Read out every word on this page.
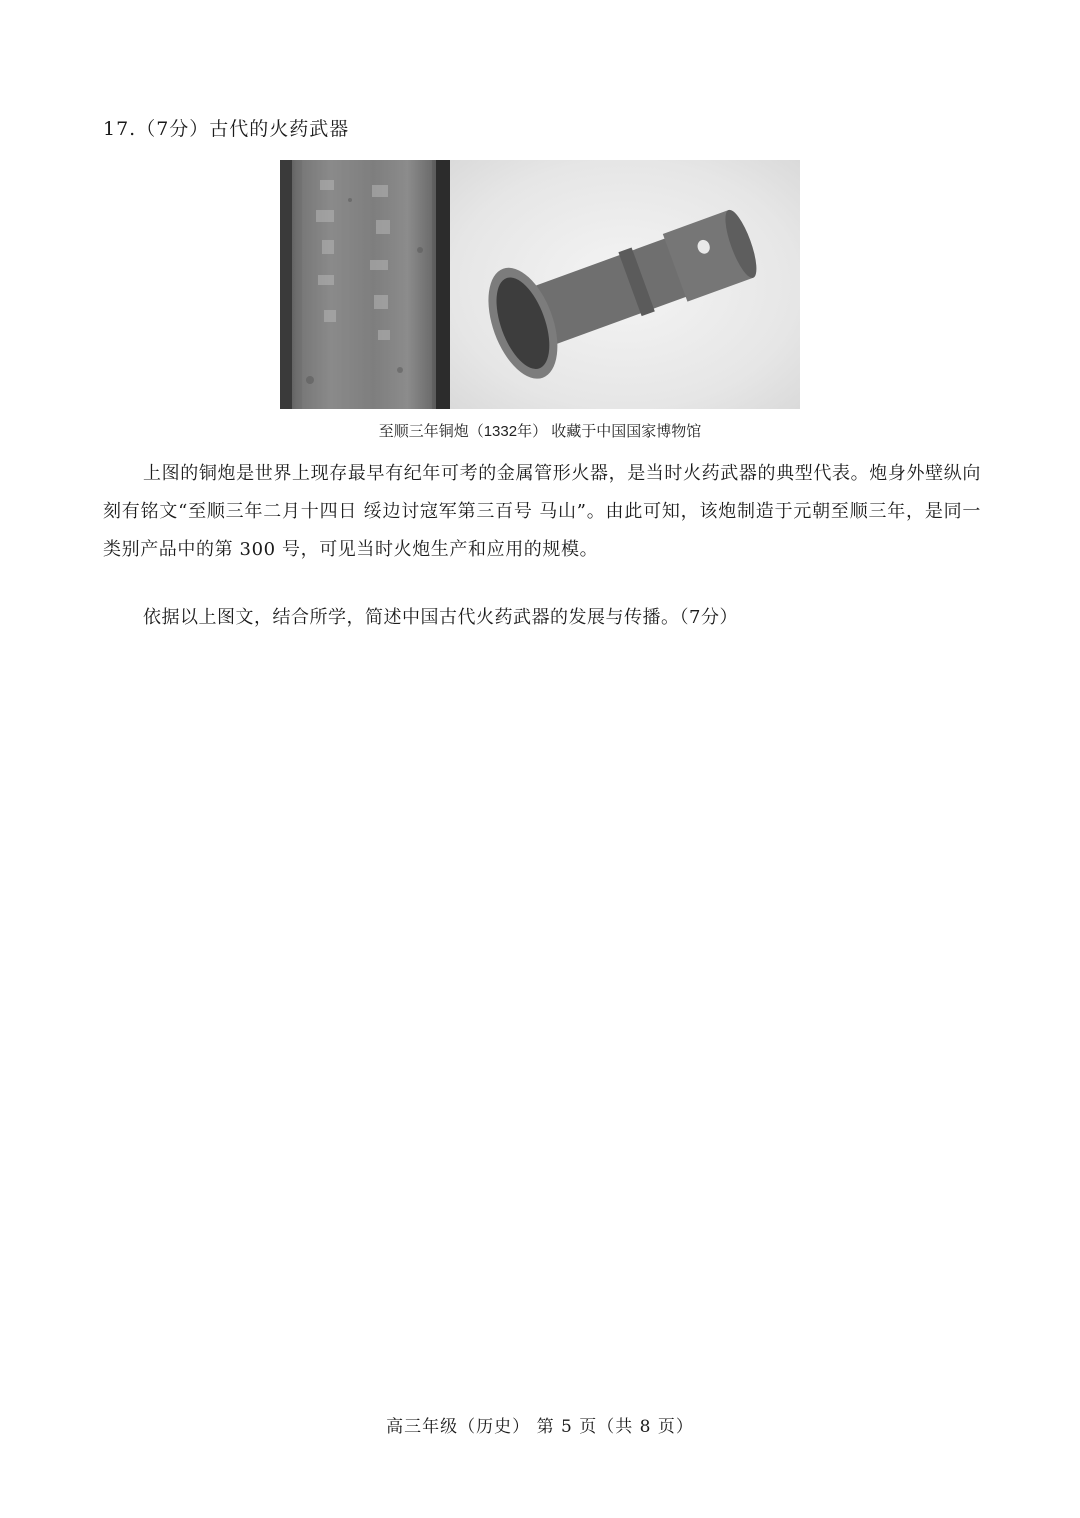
17.（7分）古代的火药武器
至顺三年铜炮（1332年） 收藏于中国国家博物馆
上图的铜炮是世界上现存最早有纪年可考的金属管形火器，是当时火药武器的典型代表。炮身外壁纵向刻有铭文“至顺三年二月十四日 绥边讨寇军第三百号 马山”。由此可知，该炮制造于元朝至顺三年，是同一类别产品中的第 300 号，可见当时火炮生产和应用的规模。
依据以上图文，结合所学，简述中国古代火药武器的发展与传播。（7分）
高三年级（历史） 第 5 页（共 8 页）
